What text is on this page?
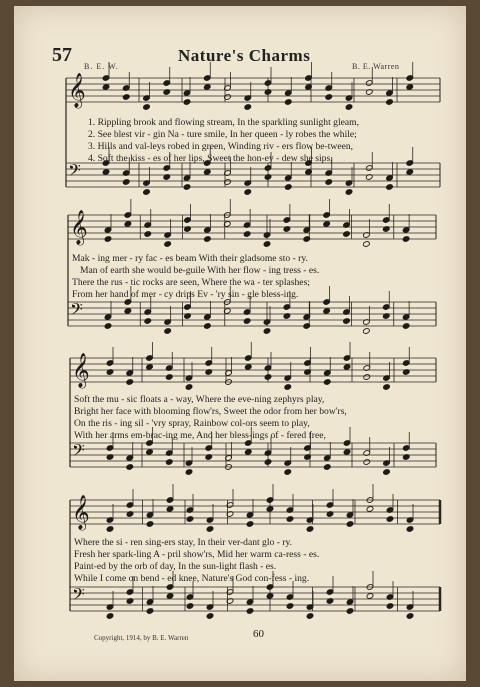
57	Nature's Charms
B. E. W.	B. E. Warren
𝄞
𝄢
𝄞
𝄢
𝄞
𝄢
𝄞
𝄢
1. Rippling brook and flowing stream, In the sparkling sunlight gleam,
2. See blest vir - gin Na - ture smile, In her queen - ly robes the while;
3. Hills and val-leys robed in green, Winding riv - ers flow be-tween,
4. Soft the kiss - es of her lips, Sweet the hon-ey - dew she sips,
Mak - ing mer - ry fac - es beam With their gladsome sto - ry.
Man of earth she would be-guile With her flow - ing tress - es.
There the rus - tic rocks are seen, Where the wa - ter splashes;
From her hand of mer - cy drips Ev - 'ry sin - gle bless-ing.
Soft the mu - sic floats a - way, Where the eve-ning zephyrs play,
Bright her face with blooming flow'rs, Sweet the odor from her bow'rs,
On the ris - ing sil - 'vry spray, Rainbow col-ors seem to play,
With her arms em-brac-ing me, And her bless-ings of - fered free,
Where the si - ren sing-ers stay, In their ver-dant glo - ry.
Fresh her spark-ling A - pril show'rs, Mid her warm ca-ress - es.
Paint-ed by the orb of day, In the sun-light flash - es.
While I come on bend - ed knee, Nature's God con-fess - ing.
Copyright, 1914, by B. E. Warren	60
